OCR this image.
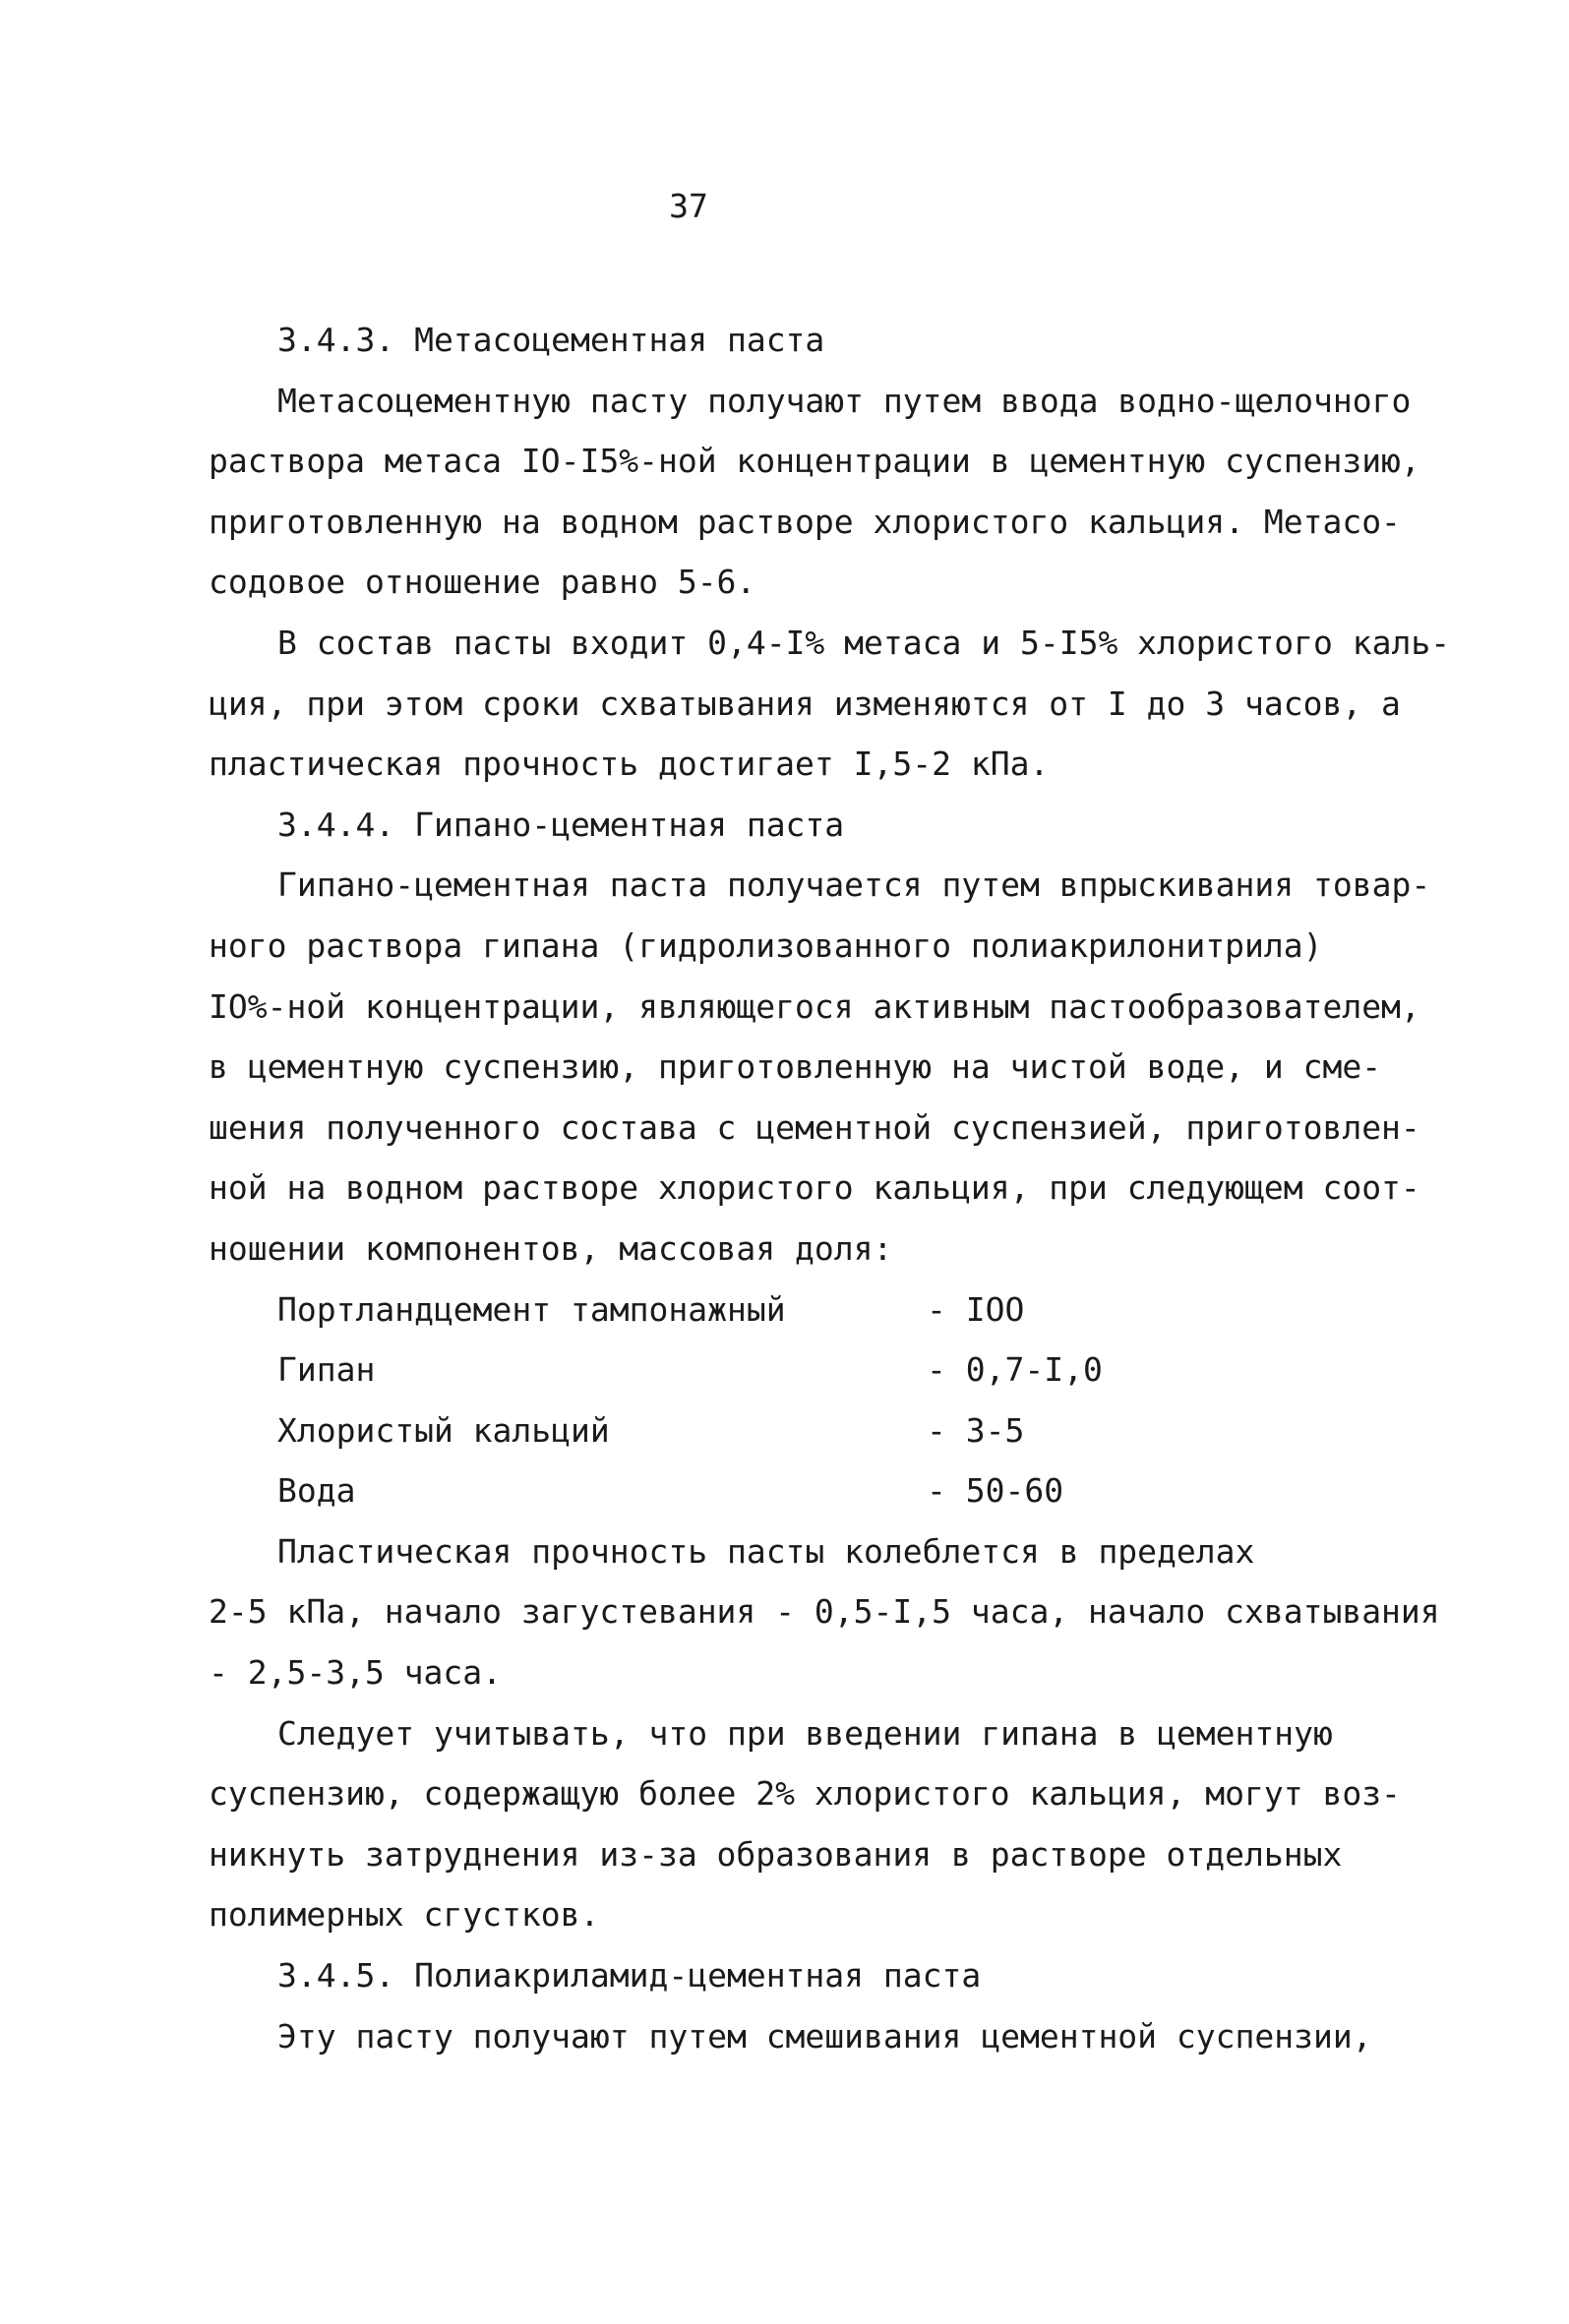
37
3.4.3. Метасоцементная паста
Метасоцементную пасту получают путем ввода водно-щелочного
раствора метаса IO-I5%-ной концентрации в цементную суспензию,
приготовленную на водном растворе хлористого кальция. Метасо-
содовое отношение равно 5-6.
В состав пасты входит 0,4-I% метаса и 5-I5% хлористого каль-
ция, при этом сроки схватывания изменяются от I до 3 часов, а
пластическая прочность достигает I,5-2 кПа.
3.4.4. Гипано-цементная паста
Гипано-цементная паста получается путем впрыскивания товар-
ного раствора гипана (гидролизованного полиакрилонитрила)
IO%-ной концентрации, являющегося активным пастообразователем,
в цементную суспензию, приготовленную на чистой воде, и сме-
шения полученного состава с цементной суспензией, приготовлен-
ной на водном растворе хлористого кальция, при следующем соот-
ношении компонентов, массовая доля:
Портландцемент тампонажный	- IOO
Гипан	- 0,7-I,0
Хлористый кальций	- 3-5
Вода	- 50-60
Пластическая прочность пасты колеблется в пределах
2-5 кПа, начало загустевания - 0,5-I,5 часа, начало схватывания
- 2,5-3,5 часа.
Следует учитывать, что при введении гипана в цементную
суспензию, содержащую более 2% хлористого кальция, могут воз-
никнуть затруднения из-за образования в растворе отдельных
полимерных сгустков.
3.4.5. Полиакриламид-цементная паста
Эту пасту получают путем смешивания цементной суспензии,
